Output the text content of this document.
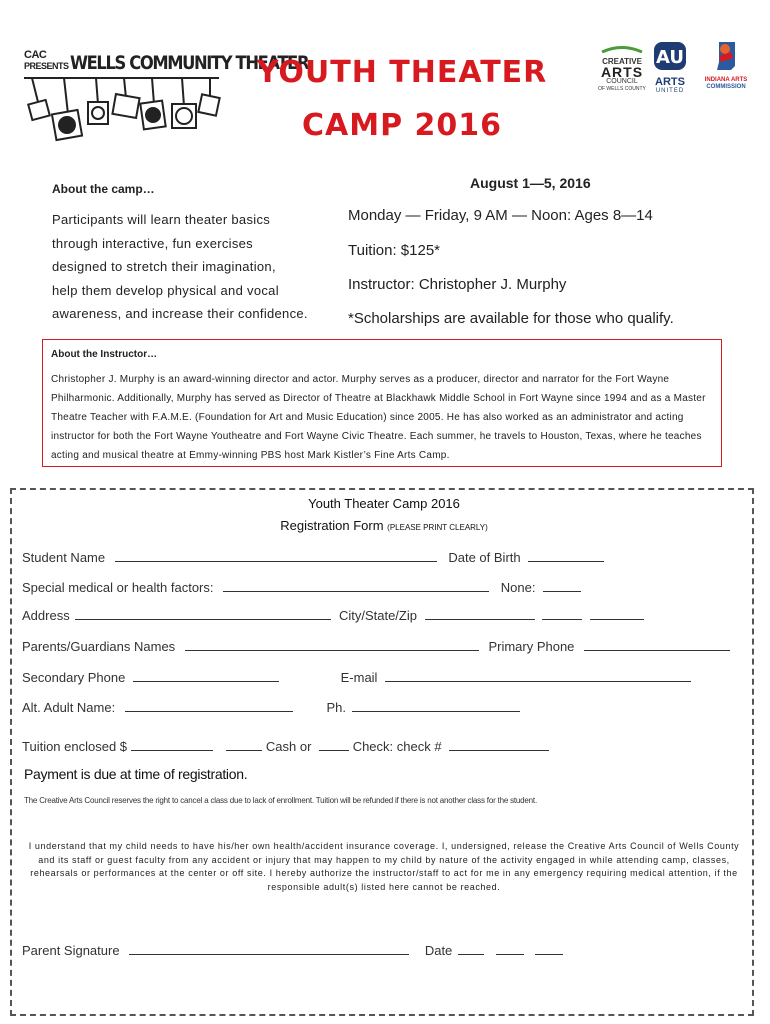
CAC
PRESENTS WELLS COMMUNITY THEATER
YOUTH THEATER
CAMP 2016
CREATIVE
ARTS
COUNCIL
OF WELLS COUNTY
AU
ARTS
UNITED
INDIANA ARTS
COMMISSION
About the camp…
Participants will learn theater basics
through interactive, fun exercises
designed to stretch their imagination,
help them develop physical and vocal
awareness, and increase their confidence.
August 1—5, 2016
Monday — Friday, 9 AM — Noon: Ages 8—14
Tuition: $125*
Instructor: Christopher J. Murphy
*Scholarships are available for those who qualify.
About the Instructor…
Christopher J. Murphy is an award-winning director and actor. Murphy serves as a producer, director and narrator for the Fort Wayne Philharmonic. Additionally, Murphy has served as Director of Theatre at Blackhawk Middle School in Fort Wayne since 1994 and as a Master Theatre Teacher with F.A.M.E. (Foundation for Art and Music Education) since 2005. He has also worked as an administrator and acting instructor for both the Fort Wayne Youtheatre and Fort Wayne Civic Theatre. Each summer, he travels to Houston, Texas, where he teaches acting and musical theatre at Emmy-winning PBS host Mark Kistler’s Fine Arts Camp.
Youth Theater Camp 2016
Registration Form (PLEASE PRINT CLEARLY)
Student Name	Date of Birth
Special medical or health factors:	None:
Address	City/State/Zip
Parents/Guardians Names	Primary Phone
Secondary Phone	E-mail
Alt. Adult Name:	Ph.
Tuition enclosed $	Cash or	Check: check #
Payment is due at time of registration.
The Creative Arts Council reserves the right to cancel a class due to lack of enrollment. Tuition will be refunded if there is not another class for the student.
I understand that my child needs to have his/her own health/accident insurance coverage. I, undersigned, release the Creative Arts Council of Wells County and its staff or guest faculty from any accident or injury that may happen to my child by nature of the activity engaged in while attending camp, classes, rehearsals or performances at the center or off site. I hereby authorize the instructor/staff to act for me in any emergency requiring medical attention, if the responsible adult(s) listed here cannot be reached.
Parent Signature	Date
